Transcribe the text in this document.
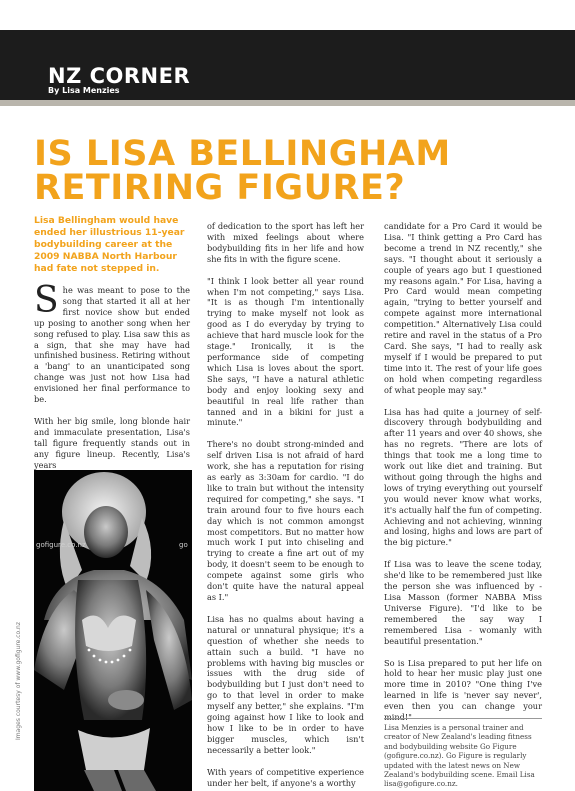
NZ CORNER
By Lisa Menzies
IS LISA BELLINGHAM RETIRING FIGURE?

Lisa Bellingham would have ended her illustrious 11-year bodybuilding career at the 2009 NABBA North Harbour had fate not stepped in.

She was meant to pose to the song that started it all at her first novice show but ended up posing to another song when her song refused to play. Lisa saw this as a sign, that she may have had unfinished business. Retiring without a 'bang' to an unanticipated song change was just not how Lisa had envisioned her final performance to be.

With her big smile, long blonde hair and immaculate presentation, Lisa's tall figure frequently stands out in any figure lineup. Recently, Lisa's years

gofigure.co.nz	go
Images courtesy of www.gofigure.co.nz

of dedication to the sport has left her with mixed feelings about where bodybuilding fits in her life and how she fits in with the figure scene.

"I think I look better all year round when I'm not competing," says Lisa. "It is as though I'm intentionally trying to make myself not look as good as I do everyday by trying to achieve that hard muscle look for the stage." Ironically, it is the performance side of competing which Lisa is loves about the sport. She says, "I have a natural athletic body and enjoy looking sexy and beautiful in real life rather than tanned and in a bikini for just a minute."

There's no doubt strong-minded and self driven Lisa is not afraid of hard work, she has a reputation for rising as early as 3:30am for cardio. "I do like to train but without the intensity required for competing," she says. "I train around four to five hours each day which is not common amongst most competitors. But no matter how much work I put into chiseling and trying to create a fine art out of my body, it doesn't seem to be enough to compete against some girls who don't quite have the natural appeal as I."

Lisa has no qualms about having a natural or unnatural physique; it's a question of whether she needs to attain such a build. "I have no problems with having big muscles or issues with the drug side of bodybuilding but I just don't need to go to that level in order to make myself any better," she explains. "I'm going against how I like to look and how I like to be in order to have bigger muscles, which isn't necessarily a better look."

With years of competitive experience under her belt, if anyone's a worthy

candidate for a Pro Card it would be Lisa. "I think getting a Pro Card has become a trend in NZ recently," she says. "I thought about it seriously a couple of years ago but I questioned my reasons again." For Lisa, having a Pro Card would mean competing again, "trying to better yourself and compete against more international competition." Alternatively Lisa could retire and ravel in the status of a Pro Card. She says, "I had to really ask myself if I would be prepared to put time into it. The rest of your life goes on hold when competing regardless of what people may say."

Lisa has had quite a journey of self-discovery through bodybuilding and after 11 years and over 40 shows, she has no regrets. "There are lots of things that took me a long time to work out like diet and training. But without going through the highs and lows of trying everything out yourself you would never know what works, it's actually half the fun of competing. Achieving and not achieving, winning and losing, highs and lows are part of the big picture."

If Lisa was to leave the scene today, she'd like to be remembered just like the person she was influenced by - Lisa Masson (former NABBA Miss Universe Figure). "I'd like to be remembered the say way I remembered Lisa - womanly with beautiful presentation."

So is Lisa prepared to put her life on hold to hear her music play just one more time in 2010? "One thing I've learned in life is 'never say never', even then you can change your

Lisa Menzies is a personal trainer and creator of New Zealand's leading fitness and bodybuilding website Go Figure (gofigure.co.nz). Go Figure is regularly updated with the latest news on New Zealand's bodybuilding scene. Email Lisa lisa@gofigure.co.nz.
